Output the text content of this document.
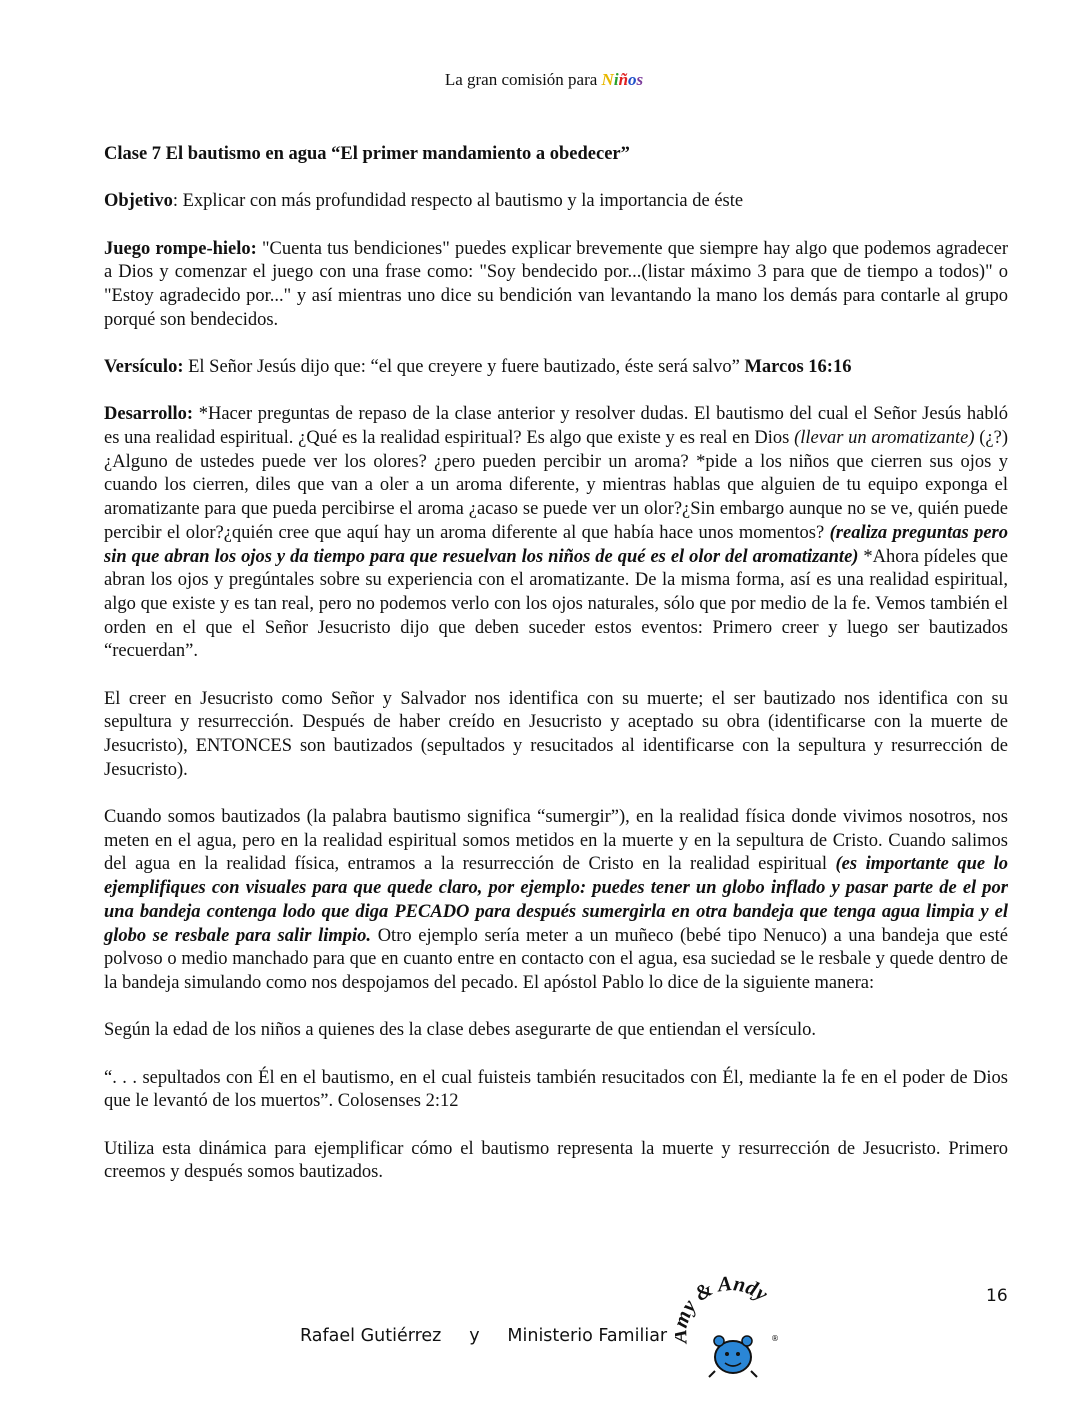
La gran comisión para Niños

Clase 7 El bautismo en agua “El primer mandamiento a obedecer”

Objetivo: Explicar con más profundidad respecto al bautismo y la importancia de éste

Juego rompe-hielo: "Cuenta tus bendiciones" puedes explicar brevemente que siempre hay algo que podemos agradecer a Dios y comenzar el juego con una frase como: "Soy bendecido por...(listar máximo 3 para que de tiempo a todos)" o "Estoy agradecido por..." y así mientras uno dice su bendición van levantando la mano los demás para contarle al grupo porqué son bendecidos.

Versículo: El Señor Jesús dijo que: “el que creyere y fuere bautizado, éste será salvo” Marcos 16:16

Desarrollo: *Hacer preguntas de repaso de la clase anterior y resolver dudas. El bautismo del cual el Señor Jesús habló es una realidad espiritual. ¿Qué es la realidad espiritual? Es algo que existe y es real en Dios (llevar un aromatizante) (¿?) ¿Alguno de ustedes puede ver los olores? ¿pero pueden percibir un aroma? *pide a los niños que cierren sus ojos y cuando los cierren, diles que van a oler a un aroma diferente, y mientras hablas que alguien de tu equipo exponga el aromatizante para que pueda percibirse el aroma ¿acaso se puede ver un olor?¿Sin embargo aunque no se ve, quién puede percibir el olor?¿quién cree que aquí hay un aroma diferente al que había hace unos momentos? (realiza preguntas pero sin que abran los ojos y da tiempo para que resuelvan los niños de qué es el olor del aromatizante) *Ahora pídeles que abran los ojos y pregúntales sobre su experiencia con el aromatizante. De la misma forma, así es una realidad espiritual, algo que existe y es tan real, pero no podemos verlo con los ojos naturales, sólo que por medio de la fe. Vemos también el orden en el que el Señor Jesucristo dijo que deben suceder estos eventos: Primero creer y luego ser bautizados “recuerdan”.

El creer en Jesucristo como Señor y Salvador nos identifica con su muerte; el ser bautizado nos identifica con su sepultura y resurrección. Después de haber creído en Jesucristo y aceptado su obra (identificarse con la muerte de Jesucristo), ENTONCES son bautizados (sepultados y resucitados al identificarse con la sepultura y resurrección de Jesucristo).

Cuando somos bautizados (la palabra bautismo significa “sumergir”), en la realidad física donde vivimos nosotros, nos meten en el agua, pero en la realidad espiritual somos metidos en la muerte y en la sepultura de Cristo. Cuando salimos del agua en la realidad física, entramos a la resurrección de Cristo en la realidad espiritual (es importante que lo ejemplifiques con visuales para que quede claro, por ejemplo: puedes tener un globo inflado y pasar parte de el por una bandeja contenga lodo que diga PECADO para después sumergirla en otra bandeja que tenga agua limpia y el globo se resbale para salir limpio. Otro ejemplo sería meter a un muñeco (bebé tipo Nenuco) a una bandeja que esté polvoso o medio manchado para que en cuanto entre en contacto con el agua, esa suciedad se le resbale y quede dentro de la bandeja simulando como nos despojamos del pecado. El apóstol Pablo lo dice de la siguiente manera:

Según la edad de los niños a quienes des la clase debes asegurarte de que entiendan el versículo.

“. . . sepultados con Él en el bautismo, en el cual fuisteis también resucitados con Él, mediante la fe en el poder de Dios que le levantó de los muertos”. Colosenses 2:12

Utiliza esta dinámica para ejemplificar cómo el bautismo representa la muerte y resurrección de Jesucristo. Primero creemos y después somos bautizados.

16
Rafael Gutiérrez y Ministerio Familiar
y & Andy
®
